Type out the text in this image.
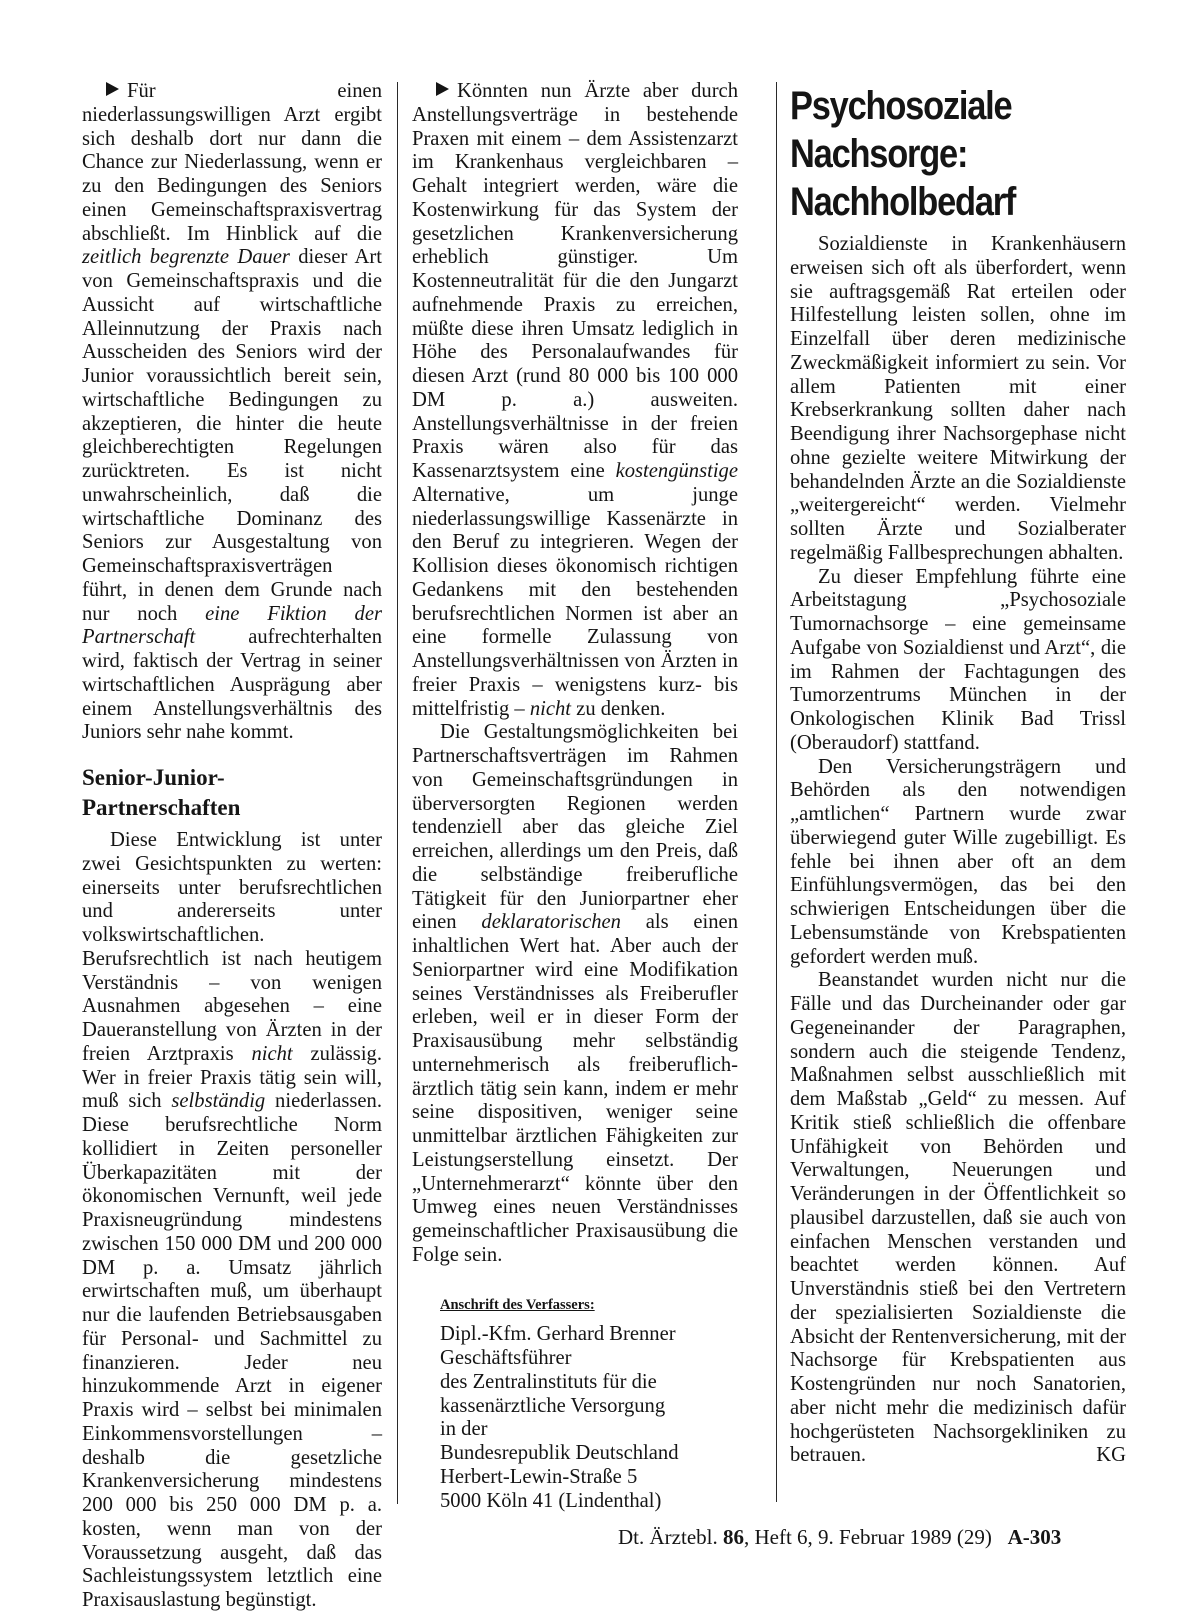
Für einen niederlassungswilligen Arzt ergibt sich deshalb dort nur dann die Chance zur Niederlassung, wenn er zu den Bedingungen des Seniors einen Gemeinschaftspraxisvertrag abschließt. Im Hinblick auf die zeitlich begrenzte Dauer dieser Art von Gemeinschaftspraxis und die Aussicht auf wirtschaftliche Alleinnutzung der Praxis nach Ausscheiden des Seniors wird der Junior voraussichtlich bereit sein, wirtschaftliche Bedingungen zu akzeptieren, die hinter die heute gleichberechtigten Regelungen zurücktreten. Es ist nicht unwahrscheinlich, daß die wirtschaftliche Dominanz des Seniors zur Ausgestaltung von Gemeinschaftspraxisverträgen führt, in denen dem Grunde nach nur noch eine Fiktion der Partnerschaft aufrechterhalten wird, faktisch der Vertrag in seiner wirtschaftlichen Ausprägung aber einem Anstellungsverhältnis des Juniors sehr nahe kommt.

Senior-Junior-Partnerschaften

Diese Entwicklung ist unter zwei Gesichtspunkten zu werten: einerseits unter berufsrechtlichen und andererseits unter volkswirtschaftlichen. Berufsrechtlich ist nach heutigem Verständnis – von wenigen Ausnahmen abgesehen – eine Daueranstellung von Ärzten in der freien Arztpraxis nicht zulässig. Wer in freier Praxis tätig sein will, muß sich selbständig niederlassen. Diese berufsrechtliche Norm kollidiert in Zeiten personeller Überkapazitäten mit der ökonomischen Vernunft, weil jede Praxisneugründung mindestens zwischen 150 000 DM und 200 000 DM p. a. Umsatz jährlich erwirtschaften muß, um überhaupt nur die laufenden Betriebsausgaben für Personal- und Sachmittel zu finanzieren. Jeder neu hinzukommende Arzt in eigener Praxis wird – selbst bei minimalen Einkommensvorstellungen – deshalb die gesetzliche Krankenversicherung mindestens 200 000 bis 250 000 DM p. a. kosten, wenn man von der Voraussetzung ausgeht, daß das Sachleistungssystem letztlich eine Praxisauslastung begünstigt.

Könnten nun Ärzte aber durch Anstellungsverträge in bestehende Praxen mit einem – dem Assistenzarzt im Krankenhaus vergleichbaren – Gehalt integriert werden, wäre die Kostenwirkung für das System der gesetzlichen Krankenversicherung erheblich günstiger. Um Kostenneutralität für die den Jungarzt aufnehmende Praxis zu erreichen, müßte diese ihren Umsatz lediglich in Höhe des Personalaufwandes für diesen Arzt (rund 80 000 bis 100 000 DM p. a.) ausweiten. Anstellungsverhältnisse in der freien Praxis wären also für das Kassenarztsystem eine kostengünstige Alternative, um junge niederlassungswillige Kassenärzte in den Beruf zu integrieren. Wegen der Kollision dieses ökonomisch richtigen Gedankens mit den bestehenden berufsrechtlichen Normen ist aber an eine formelle Zulassung von Anstellungsverhältnissen von Ärzten in freier Praxis – wenigstens kurz- bis mittelfristig – nicht zu denken.

Die Gestaltungsmöglichkeiten bei Partnerschaftsverträgen im Rahmen von Gemeinschaftsgründungen in überversorgten Regionen werden tendenziell aber das gleiche Ziel erreichen, allerdings um den Preis, daß die selbständige freiberufliche Tätigkeit für den Juniorpartner eher einen deklaratorischen als einen inhaltlichen Wert hat. Aber auch der Seniorpartner wird eine Modifikation seines Verständnisses als Freiberufler erleben, weil er in dieser Form der Praxisausübung mehr selbständig unternehmerisch als freiberuflich-ärztlich tätig sein kann, indem er mehr seine dispositiven, weniger seine unmittelbar ärztlichen Fähigkeiten zur Leistungserstellung einsetzt. Der „Unternehmerarzt“ könnte über den Umweg eines neuen Verständnisses gemeinschaftlicher Praxisausübung die Folge sein.

Anschrift des Verfassers:
Dipl.-Kfm. Gerhard Brenner
Geschäftsführer
des Zentralinstituts für die
kassenärztliche Versorgung
in der
Bundesrepublik Deutschland
Herbert-Lewin-Straße 5
5000 Köln 41 (Lindenthal)
Psychosoziale
Nachsorge:
Nachholbedarf

Sozialdienste in Krankenhäusern erweisen sich oft als überfordert, wenn sie auftragsgemäß Rat erteilen oder Hilfestellung leisten sollen, ohne im Einzelfall über deren medizinische Zweckmäßigkeit informiert zu sein. Vor allem Patienten mit einer Krebserkrankung sollten daher nach Beendigung ihrer Nachsorgephase nicht ohne gezielte weitere Mitwirkung der behandelnden Ärzte an die Sozialdienste „weitergereicht“ werden. Vielmehr sollten Ärzte und Sozialberater regelmäßig Fallbesprechungen abhalten.

Zu dieser Empfehlung führte eine Arbeitstagung „Psychosoziale Tumornachsorge – eine gemeinsame Aufgabe von Sozialdienst und Arzt“, die im Rahmen der Fachtagungen des Tumorzentrums München in der Onkologischen Klinik Bad Trissl (Oberaudorf) stattfand.

Den Versicherungsträgern und Behörden als den notwendigen „amtlichen“ Partnern wurde zwar überwiegend guter Wille zugebilligt. Es fehle bei ihnen aber oft an dem Einfühlungsvermögen, das bei den schwierigen Entscheidungen über die Lebensumstände von Krebspatienten gefordert werden muß.

Beanstandet wurden nicht nur die Fälle und das Durcheinander oder gar Gegeneinander der Paragraphen, sondern auch die steigende Tendenz, Maßnahmen selbst ausschließlich mit dem Maßstab „Geld“ zu messen. Auf Kritik stieß schließlich die offenbare Unfähigkeit von Behörden und Verwaltungen, Neuerungen und Veränderungen in der Öffentlichkeit so plausibel darzustellen, daß sie auch von einfachen Menschen verstanden und beachtet werden können. Auf Unverständnis stieß bei den Vertretern der spezialisierten Sozialdienste die Absicht der Rentenversicherung, mit der Nachsorge für Krebspatienten aus Kostengründen nur noch Sanatorien, aber nicht mehr die medizinisch dafür hochgerüsteten Nachsorgekliniken zu betrauen.	KG

Dt. Ärztebl. 86, Heft 6, 9. Februar 1989 (29) A-303
